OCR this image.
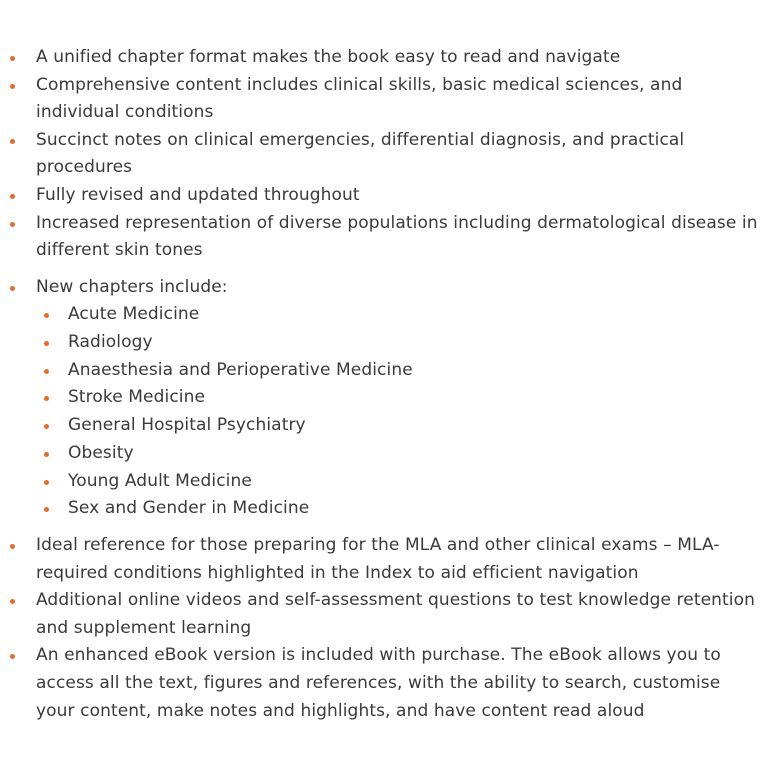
A unified chapter format makes the book easy to read and navigate
Comprehensive content includes clinical skills, basic medical sciences, and individual conditions
Succinct notes on clinical emergencies, differential diagnosis, and practical procedures
Fully revised and updated throughout
Increased representation of diverse populations including dermatological disease in different skin tones
New chapters include:
Acute Medicine
Radiology
Anaesthesia and Perioperative Medicine
Stroke Medicine
General Hospital Psychiatry
Obesity
Young Adult Medicine
Sex and Gender in Medicine
Ideal reference for those preparing for the MLA and other clinical exams – MLA-required conditions highlighted in the Index to aid efficient navigation
Additional online videos and self-assessment questions to test knowledge retention and supplement learning
An enhanced eBook version is included with purchase. The eBook allows you to access all the text, figures and references, with the ability to search, customise your content, make notes and highlights, and have content read aloud
